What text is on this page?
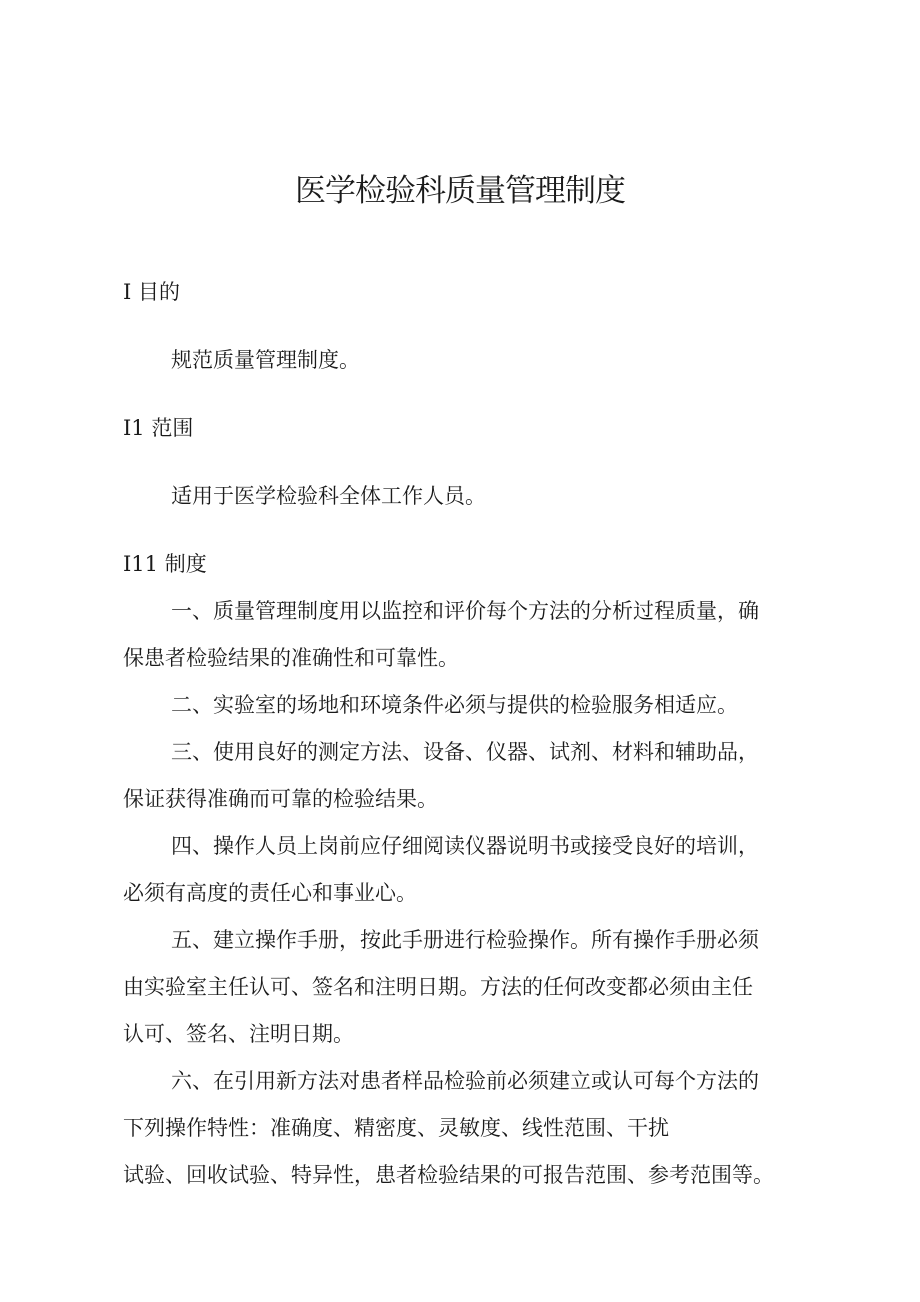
医学检验科质量管理制度

I 目的

规范质量管理制度。

I1 范围

适用于医学检验科全体工作人员。

I11 制度

一、质量管理制度用以监控和评价每个方法的分析过程质量，确
保患者检验结果的准确性和可靠性。
二、实验室的场地和环境条件必须与提供的检验服务相适应。
三、使用良好的测定方法、设备、仪器、试剂、材料和辅助品，
保证获得准确而可靠的检验结果。
四、操作人员上岗前应仔细阅读仪器说明书或接受良好的培训，
必须有高度的责任心和事业心。
五、建立操作手册，按此手册进行检验操作。所有操作手册必须
由实验室主任认可、签名和注明日期。方法的任何改变都必须由主任
认可、签名、注明日期。
六、在引用新方法对患者样品检验前必须建立或认可每个方法的
下列操作特性：准确度、精密度、灵敏度、线性范围、干扰
试验、回收试验、特异性，患者检验结果的可报告范围、参考范围等。
